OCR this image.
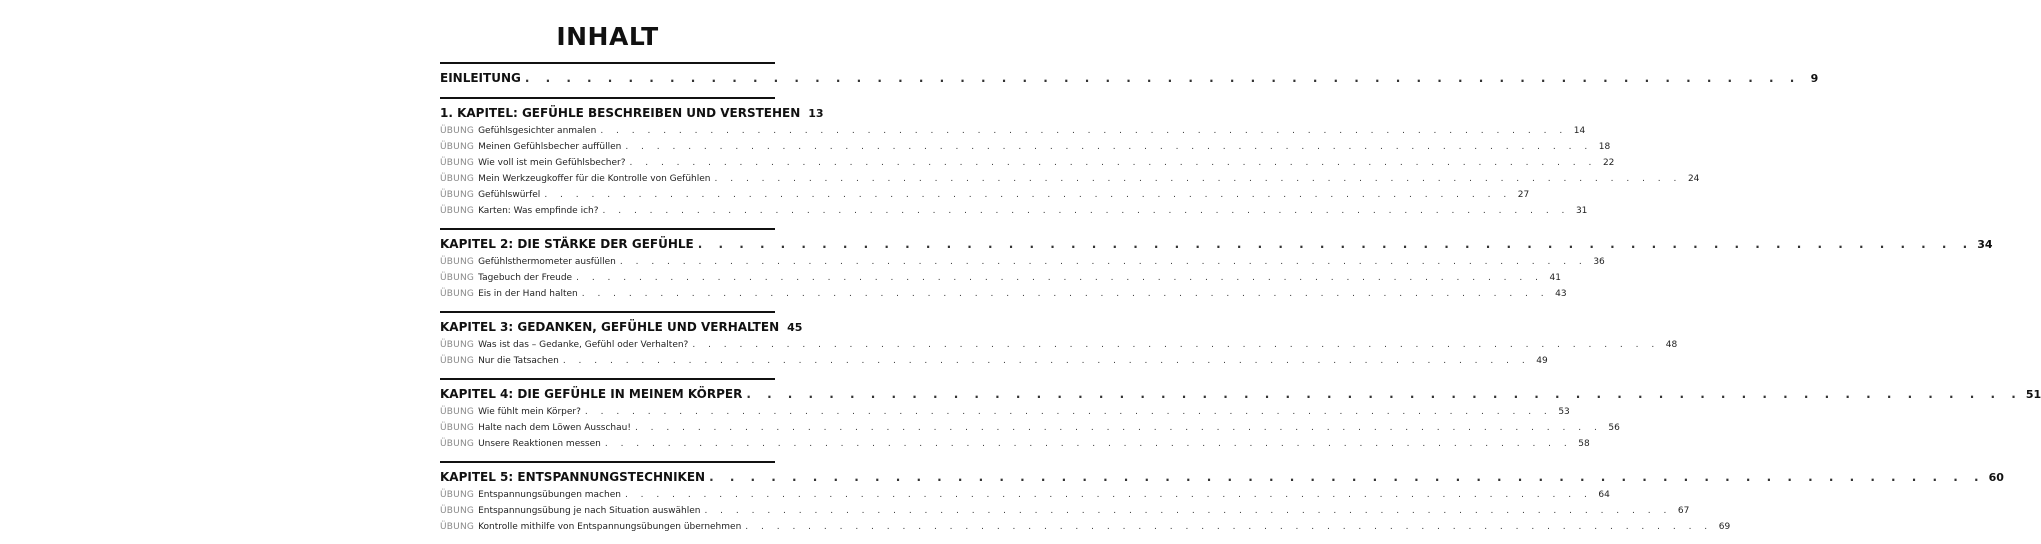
INHALT
EINLEITUNG . . . . . . . . . . . . . . . . . . . . . . . . . . . . . . . . . . . . . . . . . . . . . . . . . . . . . . . . . . . . . . 9
1. KAPITEL: GEFÜHLE BESCHREIBEN UND VERSTEHEN 13
ÜBUNG Gefühlsgesichter anmalen . . . . . . . . . . . . . . . . . . . . . . . . . . . . . . . . . . . . . . . . . . . . . . . . . . . . . . . . . . . . . . 14
ÜBUNG Meinen Gefühlsbecher auffüllen . . . . . . . . . . . . . . . . . . . . . . . . . . . . . . . . . . . . . . . . . . . . . . . . . . . . . . . . . . . . . . 18
ÜBUNG Wie voll ist mein Gefühlsbecher? . . . . . . . . . . . . . . . . . . . . . . . . . . . . . . . . . . . . . . . . . . . . . . . . . . . . . . . . . . . . . . 22
ÜBUNG Mein Werkzeugkoffer für die Kontrolle von Gefühlen . . . . . . . . . . . . . . . . . . . . . . . . . . . . . . . . . . . . . . . . . . . . . . . . . . . . . . . . . . . . . . 24
ÜBUNG Gefühlswürfel . . . . . . . . . . . . . . . . . . . . . . . . . . . . . . . . . . . . . . . . . . . . . . . . . . . . . . . . . . . . . . 27
ÜBUNG Karten: Was empfinde ich? . . . . . . . . . . . . . . . . . . . . . . . . . . . . . . . . . . . . . . . . . . . . . . . . . . . . . . . . . . . . . . 31
KAPITEL 2: DIE STÄRKE DER GEFÜHLE . . . . . . . . . . . . . . . . . . . . . . . . . . . . . . . . . . . . . . . . . . . . . . . . . . . . . . . . . . . . . . 34
ÜBUNG Gefühlsthermometer ausfüllen . . . . . . . . . . . . . . . . . . . . . . . . . . . . . . . . . . . . . . . . . . . . . . . . . . . . . . . . . . . . . . 36
ÜBUNG Tagebuch der Freude . . . . . . . . . . . . . . . . . . . . . . . . . . . . . . . . . . . . . . . . . . . . . . . . . . . . . . . . . . . . . . 41
ÜBUNG Eis in der Hand halten . . . . . . . . . . . . . . . . . . . . . . . . . . . . . . . . . . . . . . . . . . . . . . . . . . . . . . . . . . . . . . 43
KAPITEL 3: GEDANKEN, GEFÜHLE UND VERHALTEN 45
ÜBUNG Was ist das – Gedanke, Gefühl oder Verhalten? . . . . . . . . . . . . . . . . . . . . . . . . . . . . . . . . . . . . . . . . . . . . . . . . . . . . . . . . . . . . . . 48
ÜBUNG Nur die Tatsachen . . . . . . . . . . . . . . . . . . . . . . . . . . . . . . . . . . . . . . . . . . . . . . . . . . . . . . . . . . . . . . 49
KAPITEL 4: DIE GEFÜHLE IN MEINEM KÖRPER . . . . . . . . . . . . . . . . . . . . . . . . . . . . . . . . . . . . . . . . . . . . . . . . . . . . . . . . . . . . . . 51
ÜBUNG Wie fühlt mein Körper? . . . . . . . . . . . . . . . . . . . . . . . . . . . . . . . . . . . . . . . . . . . . . . . . . . . . . . . . . . . . . . 53
ÜBUNG Halte nach dem Löwen Ausschau! . . . . . . . . . . . . . . . . . . . . . . . . . . . . . . . . . . . . . . . . . . . . . . . . . . . . . . . . . . . . . . 56
ÜBUNG Unsere Reaktionen messen . . . . . . . . . . . . . . . . . . . . . . . . . . . . . . . . . . . . . . . . . . . . . . . . . . . . . . . . . . . . . . 58
KAPITEL 5: ENTSPANNUNGSTECHNIKEN . . . . . . . . . . . . . . . . . . . . . . . . . . . . . . . . . . . . . . . . . . . . . . . . . . . . . . . . . . . . . . 60
ÜBUNG Entspannungsübungen machen . . . . . . . . . . . . . . . . . . . . . . . . . . . . . . . . . . . . . . . . . . . . . . . . . . . . . . . . . . . . . . 64
ÜBUNG Entspannungsübung je nach Situation auswählen . . . . . . . . . . . . . . . . . . . . . . . . . . . . . . . . . . . . . . . . . . . . . . . . . . . . . . . . . . . . . . 67
ÜBUNG Kontrolle mithilfe von Entspannungsübungen übernehmen . . . . . . . . . . . . . . . . . . . . . . . . . . . . . . . . . . . . . . . . . . . . . . . . . . . . . . . . . . . . . . 69
